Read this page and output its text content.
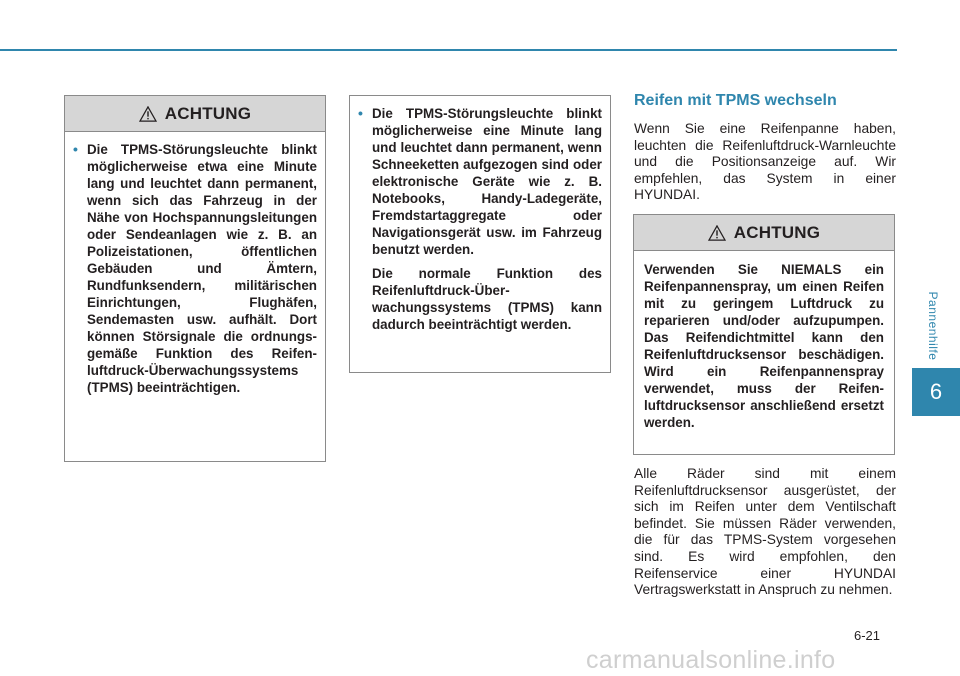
Pannenhilfe
6
ACHTUNG
• Die TPMS-Störungsleuchte blinkt möglicherweise etwa eine Minute lang und leuchtet dann permanent, wenn sich das Fahrzeug in der Nähe von Hochspannungsleitungen oder Sendeanlagen wie z. B. an Polizeistationen, öffentlichen Gebäuden und Ämtern, Rundfunksendern, militärischen Einrichtungen, Flughäfen, Sendemasten usw. aufhält. Dort können Störsignale die ordnungsgemäße Funktion des Reifenluftdruck-Überwachungssystems (TPMS) beeinträchtigen.
• Die TPMS-Störungsleuchte blinkt möglicherweise eine Minute lang und leuchtet dann permanent, wenn Schneeketten aufgezogen sind oder elektronische Geräte wie z. B. Notebooks, Handy-Ladegeräte, Fremdstartaggregate oder Navigationsgerät usw. im Fahrzeug benutzt werden.
Die normale Funktion des Reifenluftdruck-Überwachungssystems (TPMS) kann dadurch beeinträchtigt werden.
Reifen mit TPMS wechseln
Wenn Sie eine Reifenpanne haben, leuchten die Reifenluftdruck-Warnleuchte und die Positionsanzeige auf. Wir empfehlen, das System in einer HYUNDAI.
ACHTUNG
Verwenden Sie NIEMALS ein Reifenpannenspray, um einen Reifen mit zu geringem Luftdruck zu reparieren und/oder aufzupumpen. Das Reifendichtmittel kann den Reifenluftdrucksensor beschädigen. Wird ein Reifenpannenspray verwendet, muss der Reifenluftdrucksensor anschließend ersetzt werden.
Alle Räder sind mit einem Reifenluftdrucksensor ausgerüstet, der sich im Reifen unter dem Ventilschaft befindet. Sie müssen Räder verwenden, die für das TPMS-System vorgesehen sind. Es wird empfohlen, den Reifenservice einer HYUNDAI Vertragswerkstatt in Anspruch zu nehmen.
6-21
carmanualsonline.info
